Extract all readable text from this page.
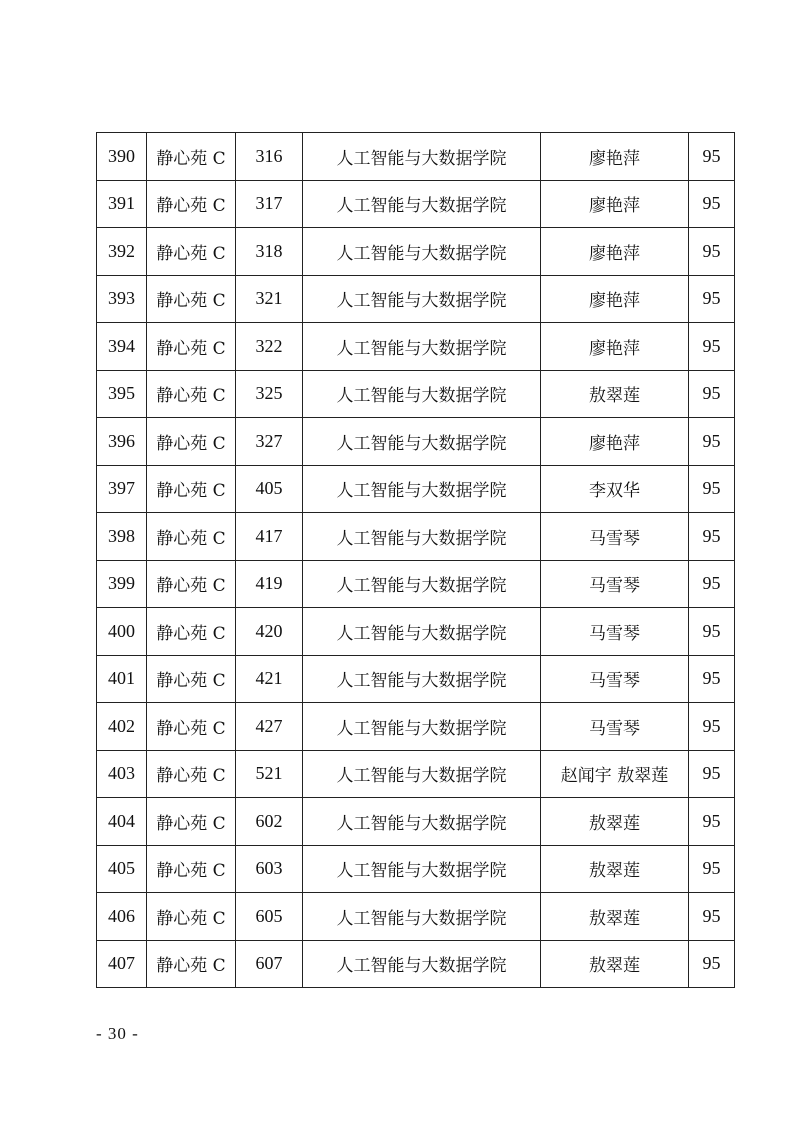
390	静心苑 C	316	人工智能与大数据学院	廖艳萍	95
391	静心苑 C	317	人工智能与大数据学院	廖艳萍	95
392	静心苑 C	318	人工智能与大数据学院	廖艳萍	95
393	静心苑 C	321	人工智能与大数据学院	廖艳萍	95
394	静心苑 C	322	人工智能与大数据学院	廖艳萍	95
395	静心苑 C	325	人工智能与大数据学院	敖翠莲	95
396	静心苑 C	327	人工智能与大数据学院	廖艳萍	95
397	静心苑 C	405	人工智能与大数据学院	李双华	95
398	静心苑 C	417	人工智能与大数据学院	马雪琴	95
399	静心苑 C	419	人工智能与大数据学院	马雪琴	95
400	静心苑 C	420	人工智能与大数据学院	马雪琴	95
401	静心苑 C	421	人工智能与大数据学院	马雪琴	95
402	静心苑 C	427	人工智能与大数据学院	马雪琴	95
403	静心苑 C	521	人工智能与大数据学院	赵闻宇 敖翠莲	95
404	静心苑 C	602	人工智能与大数据学院	敖翠莲	95
405	静心苑 C	603	人工智能与大数据学院	敖翠莲	95
406	静心苑 C	605	人工智能与大数据学院	敖翠莲	95
407	静心苑 C	607	人工智能与大数据学院	敖翠莲	95
- 30 -
